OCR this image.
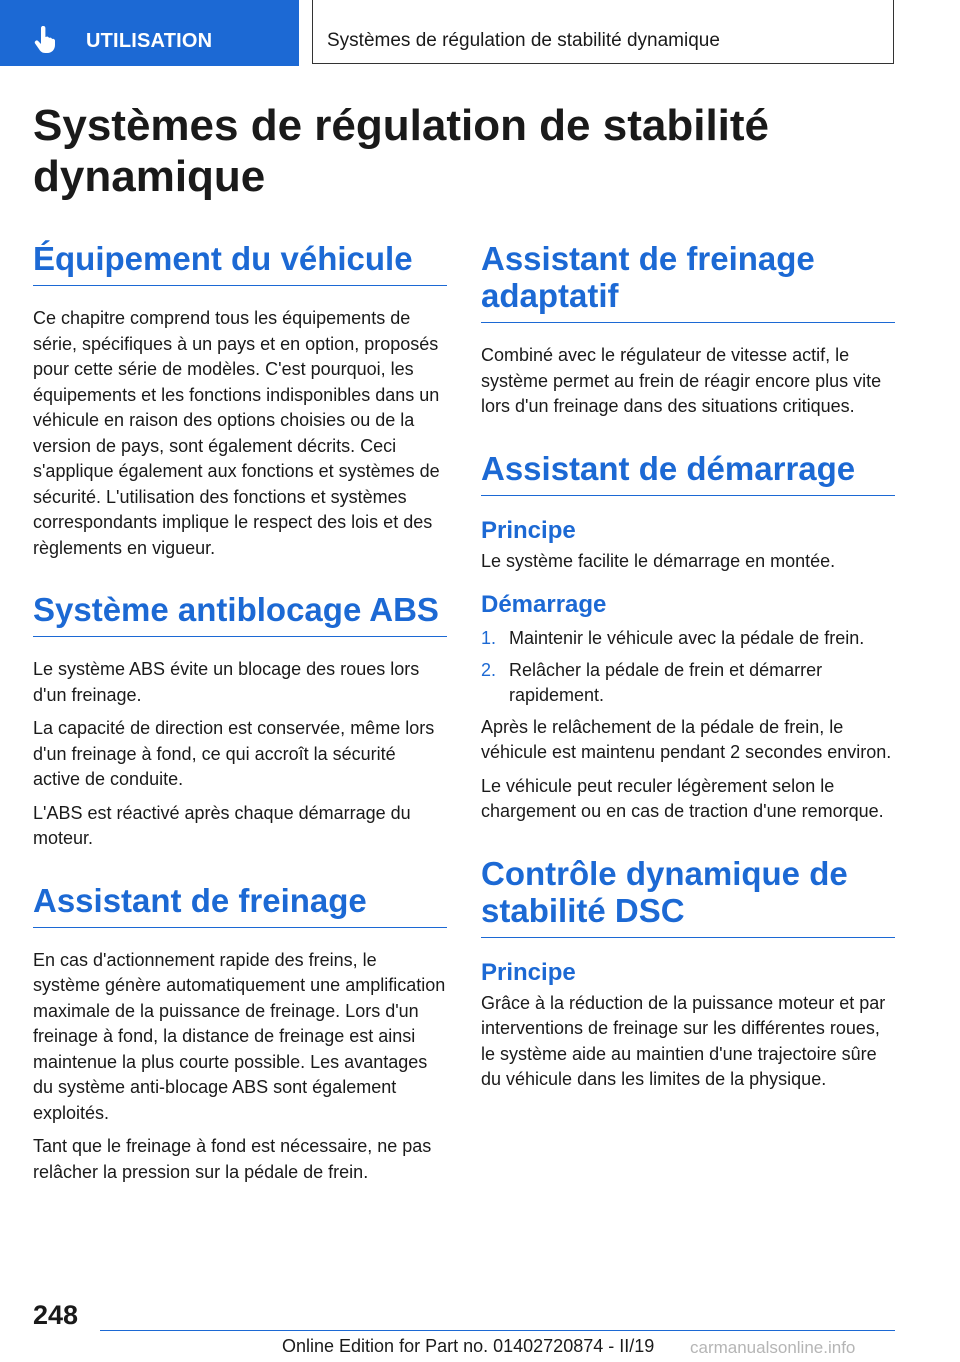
UTILISATION	Systèmes de régulation de stabilité dynamique
Systèmes de régulation de stabilité dynamique
Équipement du véhicule

Ce chapitre comprend tous les équipements de série, spécifiques à un pays et en option, proposés pour cette série de modèles. C'est pourquoi, les équipements et les fonctions indisponibles dans un véhicule en raison des options choisies ou de la version de pays, sont également décrits. Ceci s'applique également aux fonctions et systèmes de sécurité. L'utilisation des fonctions et systèmes correspondants implique le respect des lois et des règlements en vigueur.

Système antiblocage ABS

Le système ABS évite un blocage des roues lors d'un freinage.

La capacité de direction est conservée, même lors d'un freinage à fond, ce qui accroît la sécurité active de conduite.

L'ABS est réactivé après chaque démarrage du moteur.

Assistant de freinage

En cas d'actionnement rapide des freins, le système génère automatiquement une amplification maximale de la puissance de freinage. Lors d'un freinage à fond, la distance de freinage est ainsi maintenue la plus courte possible. Les avantages du système anti-blocage ABS sont également exploités.

Tant que le freinage à fond est nécessaire, ne pas relâcher la pression sur la pédale de frein.

Assistant de freinage adaptatif

Combiné avec le régulateur de vitesse actif, le système permet au frein de réagir encore plus vite lors d'un freinage dans des situations critiques.

Assistant de démarrage
Principe

Le système facilite le démarrage en montée.

Démarrage
1. Maintenir le véhicule avec la pédale de frein.
2. Relâcher la pédale de frein et démarrer rapidement.

Après le relâchement de la pédale de frein, le véhicule est maintenu pendant 2 secondes environ.

Le véhicule peut reculer légèrement selon le chargement ou en cas de traction d'une remorque.

Contrôle dynamique de stabilité DSC
Principe

Grâce à la réduction de la puissance moteur et par interventions de freinage sur les différentes roues, le système aide au maintien d'une trajectoire sûre du véhicule dans les limites de la physique.

248
Online Edition for Part no. 01402720874 - II/19 carmanualsonline.info
